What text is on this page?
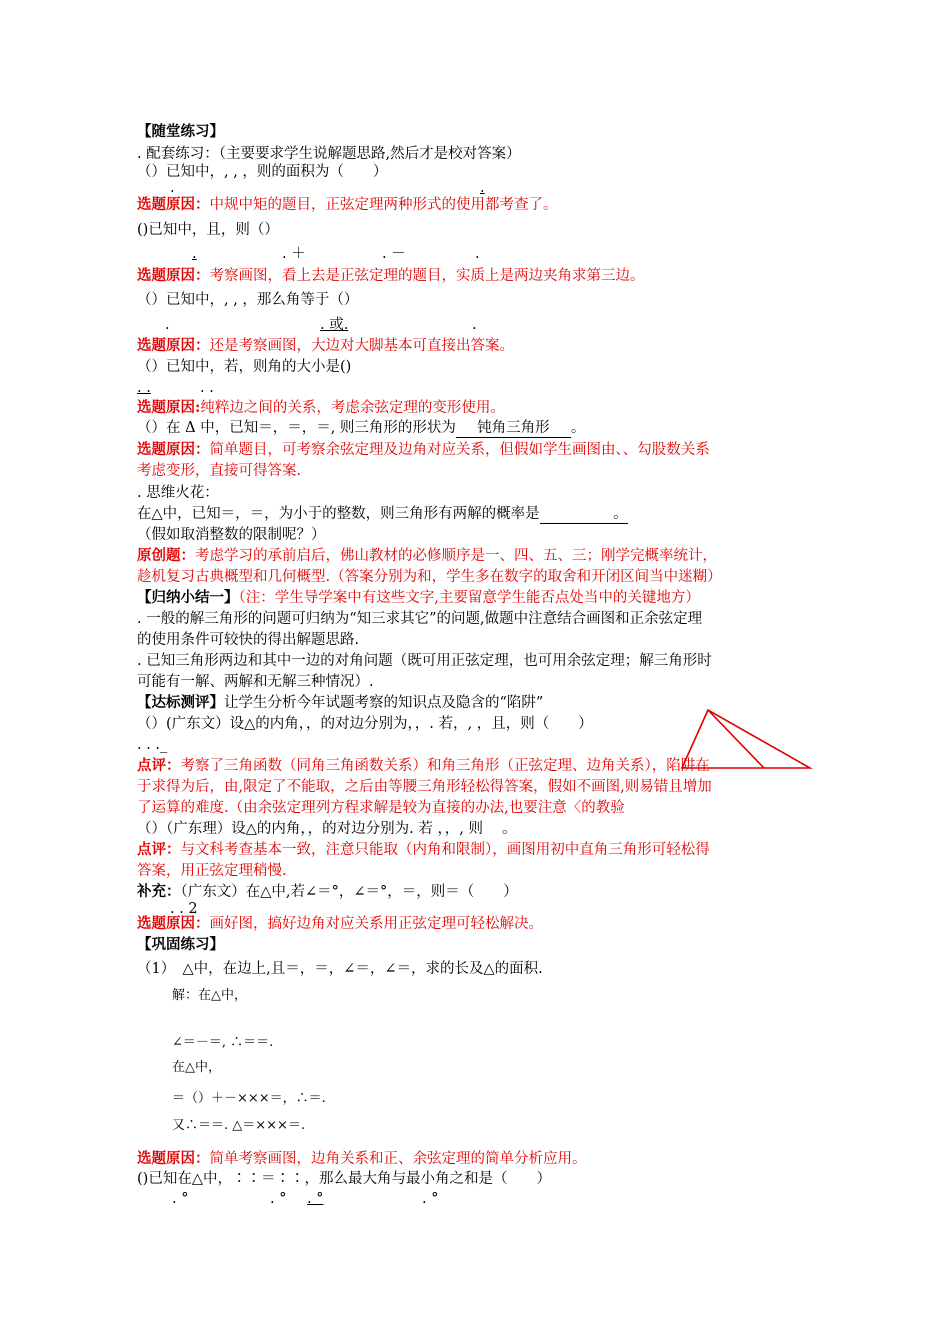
【随堂练习】
. 配套练习：（主要要求学生说解题思路,然后才是校对答案）
（）已知中，, , ，则的面积为（　　）
.	.
选题原因：中规中矩的题目，正弦定理两种形式的使用都考查了。
()已知中，且，则（）
.	. ＋	. －	.
选题原因：考察画图，看上去是正弦定理的题目，实质上是两边夹角求第三边。
（）已知中，, , ，那么角等于（）
.	. 或.	.
选题原因：还是考察画图，大边对大脚基本可直接出答案。
（）已知中，若，则角的大小是()
. .	. .
选题原因:纯粹边之间的关系，考虑余弦定理的变形使用。
（）在 Δ 中，已知＝，＝，＝, 则三角形的形状为 钝角三角形 。
选题原因：简单题目，可考察余弦定理及边角对应关系，但假如学生画图由、、勾股数关系
考虑变形，直接可得答案.
. 思维火花：
在△中，已知＝，＝，为小于的整数，则三角形有两解的概率是	。
（假如取消整数的限制呢？）
原创题：考虑学习的承前启后，佛山教材的必修顺序是一、四、五、三；刚学完概率统计，
趁机复习古典概型和几何概型.（答案分别为和，学生多在数字的取舍和开闭区间当中迷糊）
【归纳小结一】（注：学生导学案中有这些文字,主要留意学生能否点处当中的关键地方）
. 一般的解三角形的问题可归纳为“知三求其它”的问题,做题中注意结合画图和正余弦定理
的使用条件可较快的得出解题思路.
. 已知三角形两边和其中一边的对角问题（既可用正弦定理，也可用余弦定理；解三角形时
可能有一解、两解和无解三种情况）.
【达标测评】让学生分析今年试题考察的知识点及隐含的“陷阱”
（）(广东文）设△的内角，，的对边分别为，，. 若，, ，且，则（　　）
. . ._
点评：考察了三角函数（同角三角函数关系）和角三角形（正弦定理、边角关系），陷阱在
于求得为后，由,限定了不能取，之后由等腰三角形轻松得答案，假如不画图,则易错且增加
了运算的难度.（由余弦定理列方程求解是较为直接的办法,也要注意〈的教验
（）（广东理）设△的内角，，的对边分别为. 若 ，，, 则　 。
点评：与文科考查基本一致，注意只能取（内角和限制），画图用初中直角三角形可轻松得
答案，用正弦定理稍慢.
补充：（广东文）在△中,若∠＝°，∠＝°，＝，则＝（　　）
. . 2
选题原因：画好图，搞好边角对应关系用正弦定理可轻松解决。
【巩固练习】
（1）　△中，在边上,且＝，＝，∠＝，∠＝，求的长及△的面积.
解：在△中，
∠＝－＝, ∴＝＝.
在△中，
＝（）＋－×××＝，∴＝.
又∴＝＝. △＝×××＝.
选题原因：简单考察画图，边角关系和正、余弦定理的简单分析应用。
()已知在△中，∶∶＝∶∶，那么最大角与最小角之和是（　　）
. °	. ° . °	. °
